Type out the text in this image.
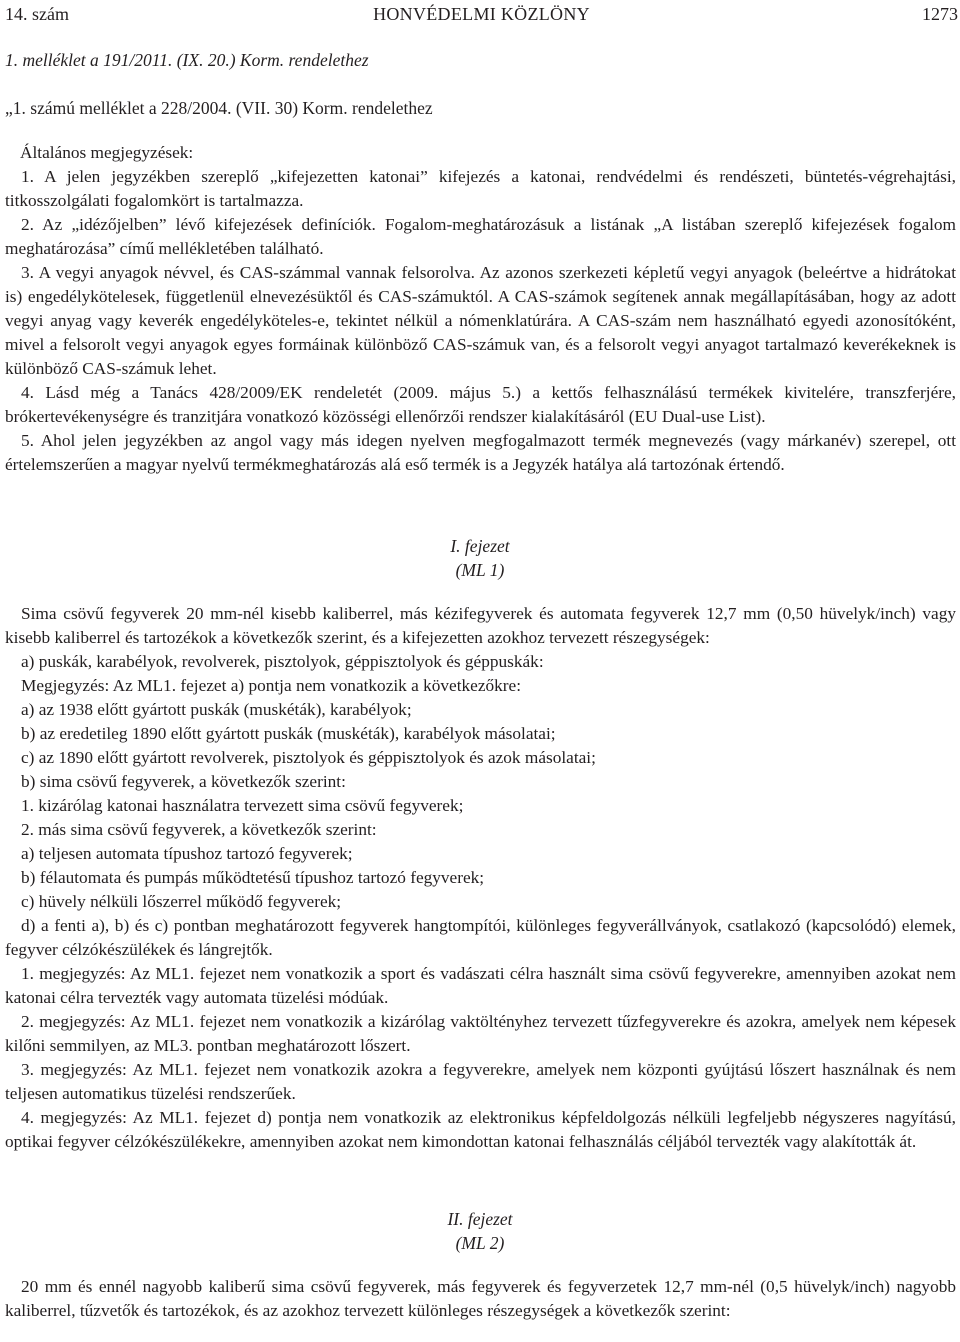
14. szám	HONVÉDELMI KÖZLÖNY	1273
1. melléklet a 191/2011. (IX. 20.) Korm. rendelethez
„1. számú melléklet a 228/2004. (VII. 30) Korm. rendelethez
Általános megjegyzések:

1. A jelen jegyzékben szereplő „kifejezetten katonai” kifejezés a katonai, rendvédelmi és rendészeti, büntetés-végrehajtási, titkosszolgálati fogalomkört is tartalmazza.

2. Az „idézőjelben” lévő kifejezések definíciók. Fogalom-meghatározásuk a listának „A listában szereplő kifejezések fogalom meghatározása” című mellékletében található.

3. A vegyi anyagok névvel, és CAS-számmal vannak felsorolva. Az azonos szerkezeti képletű vegyi anyagok (beleértve a hidrátokat is) engedélykötelesek, függetlenül elnevezésüktől és CAS-számuktól. A CAS-számok segítenek annak megállapításában, hogy az adott vegyi anyag vagy keverék engedélyköteles-e, tekintet nélkül a nómenklatúrára. A CAS-szám nem használható egyedi azonosítóként, mivel a felsorolt vegyi anyagok egyes formáinak különböző CAS-számuk van, és a felsorolt vegyi anyagot tartalmazó keverékeknek is különböző CAS-számuk lehet.

4. Lásd még a Tanács 428/2009/EK rendeletét (2009. május 5.) a kettős felhasználású termékek kivitelére, transzferjére, brókertevékenységre és tranzitjára vonatkozó közösségi ellenőrzői rendszer kialakításáról (EU Dual-use List).

5. Ahol jelen jegyzékben az angol vagy más idegen nyelven megfogalmazott termék megnevezés (vagy márkanév) szerepel, ott értelemszerűen a magyar nyelvű termékmeghatározás alá eső termék is a Jegyzék hatálya alá tartozónak értendő.

I. fejezet
(ML 1)

Sima csövű fegyverek 20 mm-nél kisebb kaliberrel, más kézifegyverek és automata fegyverek 12,7 mm (0,50 hüvelyk/inch) vagy kisebb kaliberrel és tartozékok a következők szerint, és a kifejezetten azokhoz tervezett részegységek:

a) puskák, karabélyok, revolverek, pisztolyok, géppisztolyok és géppuskák:
Megjegyzés: Az ML1. fejezet a) pontja nem vonatkozik a következőkre:
a) az 1938 előtt gyártott puskák (muskéták), karabélyok;
b) az eredetileg 1890 előtt gyártott puskák (muskéták), karabélyok másolatai;
c) az 1890 előtt gyártott revolverek, pisztolyok és géppisztolyok és azok másolatai;
b) sima csövű fegyverek, a következők szerint:
1. kizárólag katonai használatra tervezett sima csövű fegyverek;
2. más sima csövű fegyverek, a következők szerint:
a) teljesen automata típushoz tartozó fegyverek;
b) félautomata és pumpás működtetésű típushoz tartozó fegyverek;
c) hüvely nélküli lőszerrel működő fegyverek;

d) a fenti a), b) és c) pontban meghatározott fegyverek hangtompítói, különleges fegyverállványok, csatlakozó (kapcsolódó) elemek, fegyver célzókészülékek és lángrejtők.

1. megjegyzés: Az ML1. fejezet nem vonatkozik a sport és vadászati célra használt sima csövű fegyverekre, amennyiben azokat nem katonai célra tervezték vagy automata tüzelési módúak.

2. megjegyzés: Az ML1. fejezet nem vonatkozik a kizárólag vaktöltényhez tervezett tűzfegyverekre és azokra, amelyek nem képesek kilőni semmilyen, az ML3. pontban meghatározott lőszert.

3. megjegyzés: Az ML1. fejezet nem vonatkozik azokra a fegyverekre, amelyek nem központi gyújtású lőszert használnak és nem teljesen automatikus tüzelési rendszerűek.

4. megjegyzés: Az ML1. fejezet d) pontja nem vonatkozik az elektronikus képfeldolgozás nélküli legfeljebb négyszeres nagyítású, optikai fegyver célzókészülékekre, amennyiben azokat nem kimondottan katonai felhasználás céljából tervezték vagy alakították át.

II. fejezet
(ML 2)

20 mm és ennél nagyobb kaliberű sima csövű fegyverek, más fegyverek és fegyverzetek 12,7 mm-nél (0,5 hüvelyk/inch) nagyobb kaliberrel, tűzvetők és tartozékok, és az azokhoz tervezett különleges részegységek a következők szerint:
